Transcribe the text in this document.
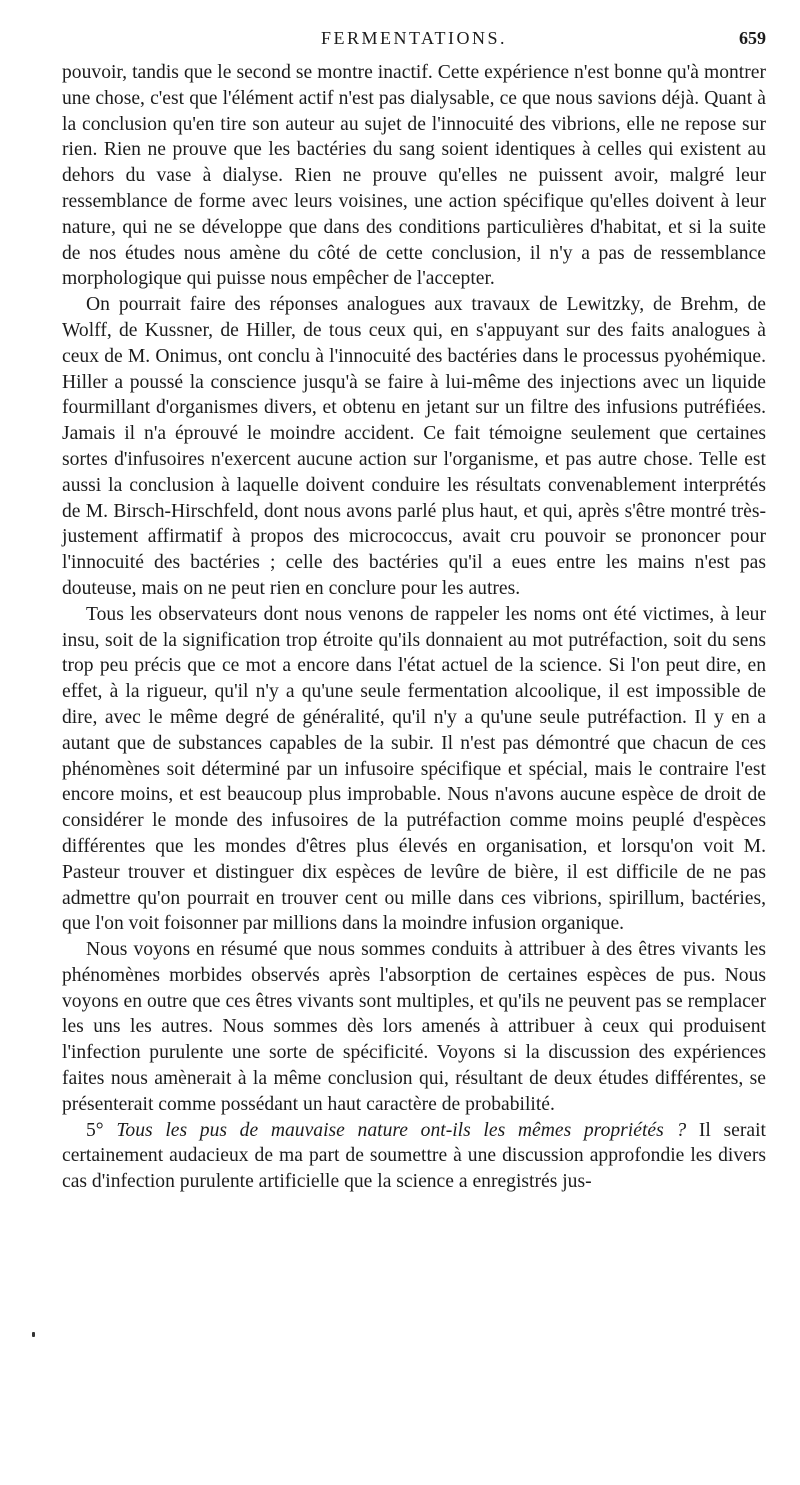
FERMENTATIONS.	659

pouvoir, tandis que le second se montre inactif. Cette expérience n'est bonne qu'à montrer une chose, c'est que l'élément actif n'est pas dialysable, ce que nous savions déjà. Quant à la conclusion qu'en tire son auteur au sujet de l'innocuité des vibrions, elle ne repose sur rien. Rien ne prouve que les bactéries du sang soient identiques à celles qui existent au dehors du vase à dialyse. Rien ne prouve qu'elles ne puissent avoir, malgré leur ressemblance de forme avec leurs voisines, une action spécifique qu'elles doivent à leur nature, qui ne se développe que dans des conditions particulières d'habitat, et si la suite de nos études nous amène du côté de cette conclusion, il n'y a pas de ressemblance morphologique qui puisse nous empêcher de l'accepter.

On pourrait faire des réponses analogues aux travaux de Lewitzky, de Brehm, de Wolff, de Kussner, de Hiller, de tous ceux qui, en s'appuyant sur des faits analogues à ceux de M. Onimus, ont conclu à l'innocuité des bactéries dans le processus pyohémique. Hiller a poussé la conscience jusqu'à se faire à lui-même des injections avec un liquide fourmillant d'organismes divers, et obtenu en jetant sur un filtre des infusions putréfiées. Jamais il n'a éprouvé le moindre accident. Ce fait témoigne seulement que certaines sortes d'infusoires n'exercent aucune action sur l'organisme, et pas autre chose. Telle est aussi la conclusion à laquelle doivent conduire les résultats convenablement interprétés de M. Birsch-Hirschfeld, dont nous avons parlé plus haut, et qui, après s'être montré très-justement affirmatif à propos des micrococcus, avait cru pouvoir se prononcer pour l'innocuité des bactéries ; celle des bactéries qu'il a eues entre les mains n'est pas douteuse, mais on ne peut rien en conclure pour les autres.

Tous les observateurs dont nous venons de rappeler les noms ont été victimes, à leur insu, soit de la signification trop étroite qu'ils donnaient au mot putréfaction, soit du sens trop peu précis que ce mot a encore dans l'état actuel de la science. Si l'on peut dire, en effet, à la rigueur, qu'il n'y a qu'une seule fermentation alcoolique, il est impossible de dire, avec le même degré de généralité, qu'il n'y a qu'une seule putréfaction. Il y en a autant que de substances capables de la subir. Il n'est pas démontré que chacun de ces phénomènes soit déterminé par un infusoire spécifique et spécial, mais le contraire l'est encore moins, et est beaucoup plus improbable. Nous n'avons aucune espèce de droit de considérer le monde des infusoires de la putréfaction comme moins peuplé d'espèces différentes que les mondes d'êtres plus élevés en organisation, et lorsqu'on voit M. Pasteur trouver et distinguer dix espèces de levûre de bière, il est difficile de ne pas admettre qu'on pourrait en trouver cent ou mille dans ces vibrions, spirillum, bactéries, que l'on voit foisonner par millions dans la moindre infusion organique.

Nous voyons en résumé que nous sommes conduits à attribuer à des êtres vivants les phénomènes morbides observés après l'absorption de certaines espèces de pus. Nous voyons en outre que ces êtres vivants sont multiples, et qu'ils ne peuvent pas se remplacer les uns les autres. Nous sommes dès lors amenés à attribuer à ceux qui produisent l'infection purulente une sorte de spécificité. Voyons si la discussion des expériences faites nous amènerait à la même conclusion qui, résultant de deux études différentes, se présenterait comme possédant un haut caractère de probabilité.

5° Tous les pus de mauvaise nature ont-ils les mêmes propriétés ? Il serait certainement audacieux de ma part de soumettre à une discussion approfondie les divers cas d'infection purulente artificielle que la science a enregistrés jus-
